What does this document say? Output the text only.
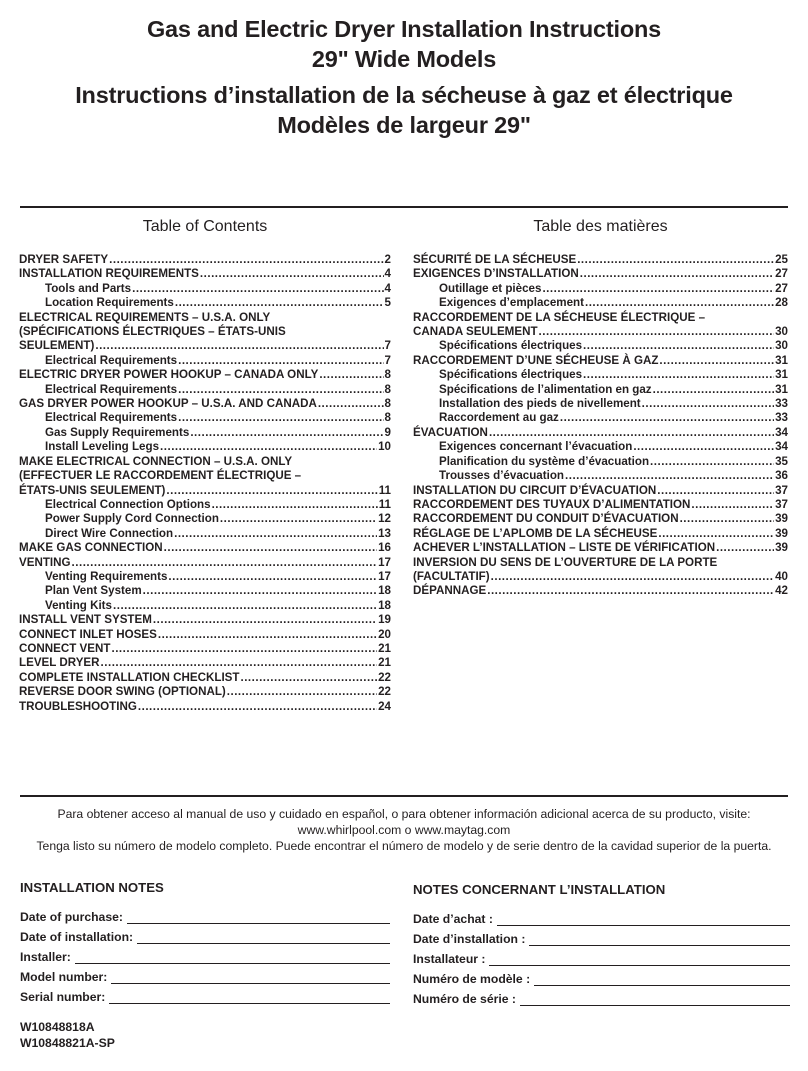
Gas and Electric Dryer Installation Instructions
29" Wide Models
Instructions d’installation de la sécheuse à gaz et électrique
Modèles de largeur 29"
Table of Contents
DRYER SAFETY .....	2
INSTALLATION REQUIREMENTS .....	4
Tools and Parts .....	4
Location Requirements .....	5
ELECTRICAL REQUIREMENTS – U.S.A. ONLY
(SPÉCIFICATIONS ÉLECTRIQUES – ÉTATS-UNIS
SEULEMENT) .....	7
Electrical Requirements .....	7
ELECTRIC DRYER POWER HOOKUP – CANADA ONLY .....	8
Electrical Requirements .....	8
GAS DRYER POWER HOOKUP – U.S.A. AND CANADA .....	8
Electrical Requirements .....	8
Gas Supply Requirements .....	9
Install Leveling Legs .....	10
MAKE ELECTRICAL CONNECTION – U.S.A. ONLY
(EFFECTUER LE RACCORDEMENT ÉLECTRIQUE –
ÉTATS-UNIS SEULEMENT) .....	11
Electrical Connection Options .....	11
Power Supply Cord Connection .....	12
Direct Wire Connection .....	13
MAKE GAS CONNECTION .....	16
VENTING .....	17
Venting Requirements .....	17
Plan Vent System .....	18
Venting Kits .....	18
INSTALL VENT SYSTEM .....	19
CONNECT INLET HOSES .....	20
CONNECT VENT .....	21
LEVEL DRYER .....	21
COMPLETE INSTALLATION CHECKLIST .....	22
REVERSE DOOR SWING (OPTIONAL) .....	22
TROUBLESHOOTING .....	24
Table des matières
SÉCURITÉ DE LA SÉCHEUSE .....	25
EXIGENCES D’INSTALLATION .....	27
Outillage et pièces .....	27
Exigences d’emplacement .....	28
RACCORDEMENT DE LA SÉCHEUSE ÉLECTRIQUE –
CANADA SEULEMENT .....	30
Spécifications électriques .....	30
RACCORDEMENT D’UNE SÉCHEUSE À GAZ .....	31
Spécifications électriques .....	31
Spécifications de l’alimentation en gaz .....	31
Installation des pieds de nivellement .....	33
Raccordement au gaz .....	33
ÉVACUATION .....	34
Exigences concernant l’évacuation .....	34
Planification du système d’évacuation .....	35
Trousses d’évacuation .....	36
INSTALLATION DU CIRCUIT D’ÉVACUATION .....	37
RACCORDEMENT DES TUYAUX D’ALIMENTATION .....	37
RACCORDEMENT DU CONDUIT D’ÉVACUATION .....	39
RÉGLAGE DE L’APLOMB DE LA SÉCHEUSE .....	39
ACHEVER L’INSTALLATION – LISTE DE VÉRIFICATION .....	39
INVERSION DU SENS DE L’OUVERTURE DE LA PORTE
(FACULTATIF) .....	40
DÉPANNAGE .....	42
Para obtener acceso al manual de uso y cuidado en español, o para obtener información adicional acerca de su producto, visite:
www.whirlpool.com o www.maytag.com
Tenga listo su número de modelo completo. Puede encontrar el número de modelo y de serie dentro de la cavidad superior de la puerta.
INSTALLATION NOTES
Date of purchase:
Date of installation:
Installer:
Model number:
Serial number:
NOTES CONCERNANT L’INSTALLATION
Date d’achat :
Date d’installation :
Installateur :
Numéro de modèle :
Numéro de série :
W10848818A
W10848821A-SP
